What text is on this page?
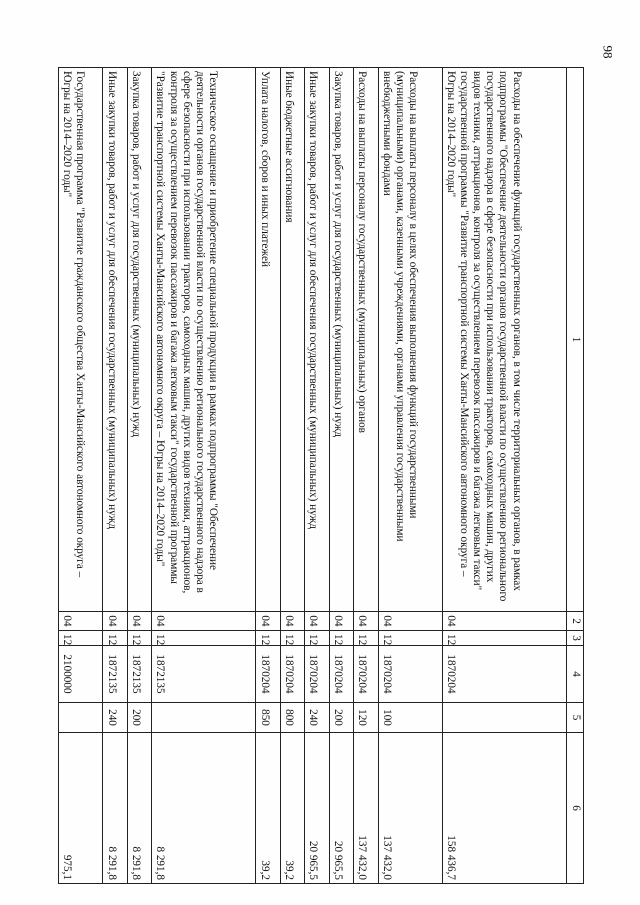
98
1	2	3	4	5	6
Расходы на обеспечение функций государственных органов, в том числе территориальных органов, в рамках подпрограммы "Обеспечение деятельности органов государственной власти по осуществлению регионального государственного надзора в сфере безопасности при использовании тракторов, самоходных машин, других видов техники, аттракционов, контроля за осуществлением перевозок пассажиров и багажа легковым такси" государственной программы "Развитие транспортной системы Ханты-Мансийского автономного округа – Югры на 2014–2020 годы"	04	12	1870204		158 436,7
Расходы на выплаты персоналу в целях обеспечения выполнения функций государственными (муниципальными) органами, казенными учреждениями, органами управления государственными внебюджетными фондами	04	12	1870204	100	137 432,0
Расходы на выплаты персоналу государственных (муниципальных) органов	04	12	1870204	120	137 432,0
Закупка товаров, работ и услуг для государственных (муниципальных) нужд	04	12	1870204	200	20 965,5
Иные закупки товаров, работ и услуг для обеспечения государственных (муниципальных) нужд	04	12	1870204	240	20 965,5
Иные бюджетные ассигнования	04	12	1870204	800	39,2
Уплата налогов, сборов и иных платежей	04	12	1870204	850	39,2
Техническое оснащение и приобретение специальной продукции в рамках подпрограммы "Обеспечение деятельности органов государственной власти по осуществлению регионального государственного надзора в сфере безопасности при использовании тракторов, самоходных машин, других видов техники, аттракционов, контроля за осуществлением перевозок пассажиров и багажа легковым такси" государственной программы "Развитие транспортной системы Ханты-Мансийского автономного округа – Югры на 2014–2020 годы"	04	12	1872135		8 291,8
Закупка товаров, работ и услуг для государственных (муниципальных) нужд	04	12	1872135	200	8 291,8
Иные закупки товаров, работ и услуг для обеспечения государственных (муниципальных) нужд	04	12	1872135	240	8 291,8
Государственная программа "Развитие гражданского общества Ханты-Мансийского автономного округа – Югры на 2014–2020 годы"	04	12	2100000		975,1
